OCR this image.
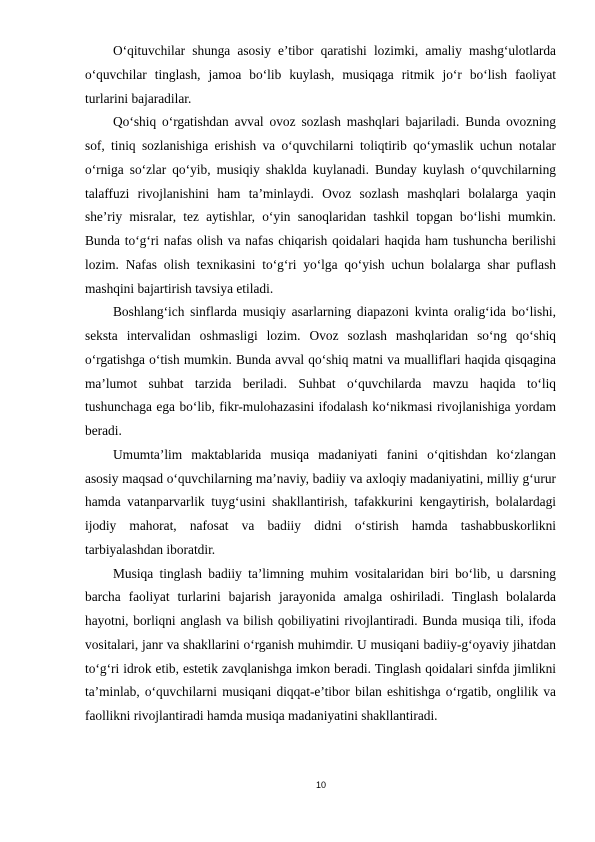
O‘qituvchilar shunga asosiy e’tibor qaratishi lozimki, amaliy mashg‘ulotlarda o‘quvchilar tinglash, jamoa bo‘lib kuylash, musiqaga ritmik jo‘r bo‘lish faoliyat turlarini bajaradilar.

Qo‘shiq o‘rgatishdan avval ovoz sozlash mashqlari bajariladi. Bunda ovozning sof, tiniq sozlanishiga erishish va o‘quvchilarni toliqtirib qo‘ymaslik uchun notalar o‘rniga so‘zlar qo‘yib, musiqiy shaklda kuylanadi. Bunday kuylash o‘quvchilarning talaffuzi rivojlanishini ham ta’minlaydi. Ovoz sozlash mashqlari bolalarga yaqin she’riy misralar, tez aytishlar, o‘yin sanoqlaridan tashkil topgan bo‘lishi mumkin. Bunda to‘g‘ri nafas olish va nafas chiqarish qoidalari haqida ham tushuncha berilishi lozim. Nafas olish texnikasini to‘g‘ri yo‘lga qo‘yish uchun bolalarga shar puflash mashqini bajartirish tavsiya etiladi.

Boshlang‘ich sinflarda musiqiy asarlarning diapazoni kvinta oralig‘ida bo‘lishi, seksta intervalidan oshmasligi lozim. Ovoz sozlash mashqlaridan so‘ng qo‘shiq o‘rgatishga o‘tish mumkin. Bunda avval qo‘shiq matni va mualliflari haqida qisqagina ma’lumot suhbat tarzida beriladi. Suhbat o‘quvchilarda mavzu haqida to‘liq tushunchaga ega bo‘lib, fikr-mulohazasini ifodalash ko‘nikmasi rivojlanishiga yordam beradi.

Umumta’lim maktablarida musiqa madaniyati fanini o‘qitishdan ko‘zlangan asosiy maqsad o‘quvchilarning ma’naviy, badiiy va axloqiy madaniyatini, milliy g‘urur hamda vatanparvarlik tuyg‘usini shakllantirish, tafakkurini kengaytirish, bolalardagi ijodiy mahorat, nafosat va badiiy didni o‘stirish hamda tashabbuskorlikni tarbiyalashdan iboratdir.

Musiqa tinglash badiiy ta’limning muhim vositalaridan biri bo‘lib, u darsning barcha faoliyat turlarini bajarish jarayonida amalga oshiriladi. Tinglash bolalarda hayotni, borliqni anglash va bilish qobiliyatini rivojlantiradi. Bunda musiqa tili, ifoda vositalari, janr va shakllarini o‘rganish muhimdir. U musiqani badiiy-g‘oyaviy jihatdan to‘g‘ri idrok etib, estetik zavqlanishga imkon beradi. Tinglash qoidalari sinfda jimlikni ta’minlab, o‘quvchilarni musiqani diqqat-e’tibor bilan eshitishga o‘rgatib, onglilik va faollikni rivojlantiradi hamda musiqa madaniyatini shakllantiradi.

10
